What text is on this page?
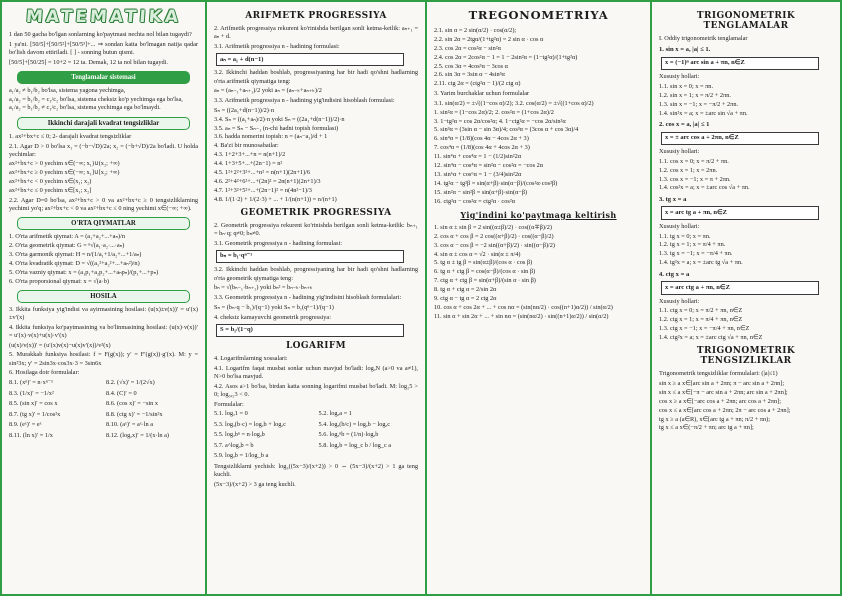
MATEMATIKA
1 dan 50 gacha bo'lgan sonlarning ko'paytmasi nechta nol bilan tugaydi?
1 ya'ni. [50/5]+[50/5²]+[50/5³]+... ⇒ sondan katta bo'lmagan natija qadar bo'lish davom ettiriladi. [ ] - sonning butun qismi.
[50/5]+[50/25] = 10+2 = 12 ta. Demak, 12 ta nol bilan tugaydi.
Tenglamalar sistemasi
a₁/a₂ ≠ b₁/b₂ bo'lsa, sistema yagona yechimga,
a₁/a₂ = b₁/b₂ = c₁/c₂ bo'lsa, sistema cheksiz ko'p yechimga ega bo'lsa,
a₁/a₂ = b₁/b₂ ≠ c₁/c₂ bo'lsa, sistema yechimga ega bo'lmaydi.
Ikkinchi darajali kvadrat tengsizliklar
1. ax²+bx+c ≤ 0; 2- darajali kvadrat tengsizliklar
2.1. Agar D > 0 bo'lsa x₁ = (−b−√D)/2a; x₂ = (−b+√D)/2a bo'ladi. U holda yechimlar:
ax²+bx+c > 0 yechim x∈(−∞; x₁)∪(x₂; +∞)
ax²+bx+c ≥ 0 yechim x∈(−∞; x₁]∪[x₂; +∞)
ax²+bx+c < 0 yechim x∈(x₁; x₂)
ax²+bx+c ≤ 0 yechim x∈[x₁; x₂]
2.2. Agar D=0 bo'lsa, ax²+bx+c > 0 va ax²+bx+c ≥ 0 tengsizliklarning yechimi yo'q; ax²+bx+c < 0 va ax²+bx+c ≤ 0 ning yechimi x∈(−∞; +∞).
O'RTA QIYMATLAR
1. O'rta arifmetik qiymat: A = (a₁+a₂+...+aₙ)/n
2. O'rta geometrik qiymat: G = ⁿ√(a₁·a₂·...·aₙ)
3. O'rta garmonik qiymat: H = n/(1/a₁+1/a₂+...+1/aₙ)
4. O'rta kvadratik qiymat: D = √((a₁²+a₂²+...+aₙ²)/n)
5. O'rta vazniy qiymat: x = (a₁p₁+a₂p₂+...+aₙpₙ)/(p₁+...+pₙ)
6. O'rta proporsional qiymat: x = √(a·b)
HOSILA
3. Ikkita funksiya yig'indisi va ayirmasining hosilasi: (u(x)±v(x))′ = u′(x)±v′(x)
4. Ikkita funksiya ko'paytmasining va bo'linmasining hosilasi: (u(x)·v(x))′ = u′(x)·v(x)+u(x)·v′(x)
(u(x)/v(x))′ = (u′(x)v(x)−u(x)v′(x))/v²(x)
5. Murakkab funksiya hosilasi: f = F(g(x)); y′ = F′(g(x))·g′(x). M: y = sin²3x; y′ = 2sin3x·cos3x·3 = 3sin6x
6. Hosilaga doir formulalar:
8.1. (xⁿ)′ = n·xⁿ⁻¹	8.2. (√x)′ = 1/(2√x)
8.3. (1/x)′ = −1/x²	8.4. (C)′ = 0
8.5. (sin x)′ = cos x	8.6. (cos x)′ = −sin x
8.7. (tg x)′ = 1/cos²x	8.8. (ctg x)′ = −1/sin²x
8.9. (eˣ)′ = eˣ	8.10. (aˣ)′ = aˣ·ln a
8.11. (ln x)′ = 1/x	8.12. (logₐx)′ = 1/(x·ln a)
ARIFMETK PROGRESSIYA
2. Arifmetik progressiya rekurent ko'rinishda berilgan sonli ketma-ketlik: aₙ₊₁ = aₙ + d.
3.1. Arifmetik progressiya n - hadining formulasi:
aₙ = a₁ + d(n−1)
3.2. Ikkinchi haddan boshlab, progressiyaning har bir hadi qo'shni hadlarning o'rta arifmetik qiymatiga teng:
aₙ = (aₙ₋₁+aₙ₊₁)/2 yoki aₙ = (aₙ₋ₖ+aₙ₊ₖ)/2
3.3. Arifmetik progressiya n - hadining yig'indisini hisoblash formulasi:
Sₙ = ((2a₁+d(n−1))/2)·n
3.4. Sₙ = ((a₁+aₙ)/2)·n yoki Sₙ = ((2a₁+d(n−1))/2)·n
3.5. aₙ = Sₙ − Sₙ₋₁ (n-chi hadni topish formulasi)
3.6. hadda nomerini topish: n = (aₙ−a₁)/d + 1
4. Ba'zi bir munosabatlar:
4.3. 1+2+3+...+n = n(n+1)/2
4.4. 1+3+5+...+(2n−1) = n²
4.5. 1²+2²+3²+...+n² = n(n+1)(2n+1)/6
4.6. 2²+4²+6²+...+(2n)² = 2n(n+1)(2n+1)/3
4.7. 1²+3²+5²+...+(2n−1)² = n(4n²−1)/3
4.8. 1/(1·2) + 1/(2·3) + ... + 1/(n(n+1)) = n/(n+1)
GEOMETRIK PROGRESSIYA
2. Geometrik progressiya rekurent ko'rinishda berilgan sonli ketma-ketlik: bₙ₊₁ = bₙ·q; q≠0; bₙ≠0.
3.1. Geometrik progressiya n - hadining formulasi:
bₙ = b₁·qⁿ⁻¹
3.2. Ikkinchi haddan boshlab, progressiyaning har bir hadi qo'shni hadlarning o'rta geometrik qiymatiga teng:
bₙ = √(bₙ₋₁·bₙ₊₁) yoki bₙ² = bₙ₋ₖ·bₙ₊ₖ
3.3. Geometrik progressiya n - hadining yig'indisini hisoblash formulalari:
Sₙ = (bₙ·q − b₁)/(q−1) yoki Sₙ = b₁(qⁿ−1)/(q−1)
4. cheksiz kamayuvchi geometrik progressiya:
S = b₁/(1−q)
LOGARIFM
4. Logarifmlarning xossalari:
4.1. Logarifm faqat musbat sonlar uchun mavjud bo'ladi: logₐN (a>0 va a≠1), N>0 bo'lsa mavjud.
4.2. Asos a>1 bo'lsa, birdan katta sonning logarifmi musbat bo'ladi. M: log₂5 > 0; log₀,₅3 < 0.
Formulalar:
5.1. logₐ1 = 0	5.2. logₐa = 1
5.3. logₐ(b·c) = logₐb + logₐc	5.4. logₐ(b/c) = logₐb − logₐc
5.5. logₐbⁿ = n·logₐb	5.6. logₐⁿb = (1/n)·logₐb
5.7. a^logₐb = b	5.8. logₐb = log_c b / log_c a
5.9. logₐb = 1/log_b a
Tengsizliklarni yechish: log₃((5x−3)/(x+2)) > 0 ⇔ (5x−3)/(x+2) > 1 ga teng kuchli.
(5x−3)/(x+2) > 3 ga teng kuchli.
TREGONOMETRIYA
2.1. sin α = 2 sin(α/2) · cos(α/2);
2.2. sin 2α = 2tgα/(1+tg²α) = 2 sin α · cos α
2.3. cos 2α = cos²α − sin²α
2.4. cos 2α = 2cos²α − 1 = 1 − 2sin²α = (1−tg²α)/(1+tg²α)
2.5. cos 3α = 4cos³α − 3cos α
2.6. sin 3α = 3sin α − 4sin³α
2.11. ctg 2α = (ctg²α − 1)/(2 ctg α)
3. Yarim burchaklar uchun formulalar
3.1. sin(α/2) = ±√((1−cos α)/2); 3.2. cos(α/2) = ±√((1+cos α)/2)
1. sin²α = (1−cos 2α)/2; 2. cos²α = (1+cos 2α)/2
3. 1−tg²α = cos 2α/cos²α; 4. 1−ctg²α = −cos 2α/sin²α
5. sin³α = (3sin α − sin 3α)/4; cos³α = (3cos α + cos 3α)/4
6. sin⁴α = (1/8)(cos 4α − 4cos 2α + 3)
7. cos⁴α = (1/8)(cos 4α + 4cos 2α + 3)
11. sin⁴α + cos⁴α = 1 − (1/2)sin²2α
12. sin⁴α − cos⁴α = sin²α − cos²α = −cos 2α
13. sin⁶α + cos⁶α = 1 − (3/4)sin²2α
14. tg²α − tg²β = sin(α+β)·sin(α−β)/(cos²α·cos²β)
15. sin²α − sin²β = sin(α+β)·sin(α−β)
16. ctg²α − cos²α = ctg²α · cos²α
Yig'indini ko'paytmaga keltirish
1. sin α ± sin β = 2 sin((α±β)/2) · cos((α∓β)/2)
2. cos α + cos β = 2 cos((α+β)/2) · cos((α−β)/2)
3. cos α − cos β = −2 sin((α+β)/2) · sin((α−β)/2)
4. sin α ± cos α = √2 · sin(α ± π/4)
5. tg α ± tg β = sin(α±β)/(cos α · cos β)
6. tg α + ctg β = cos(α−β)/(cos α · sin β)
7. ctg α + ctg β = sin(α+β)/(sin α · sin β)
8. tg α + ctg α = 2/sin 2α
9. ctg α − tg α = 2 ctg 2α
10. cos α + cos 2α + ... + cos nα = (sin(nα/2) · cos((n+1)α/2)) / sin(α/2)
11. sin α + sin 2α + ... + sin nα = (sin(nα/2) · sin((n+1)α/2)) / sin(α/2)
TRIGONOMETRIK TENGLAMALAR
I. Oddiy trigonometrik tenglamalar
1. sin x = a, |a| ≤ 1.
x = (−1)ⁿ arc sin a + πn, n∈Z
Xususiy hollari:
1.1. sin x = 0; x = πn.
1.2. sin x = 1; x = π/2 + 2πn.
1.3. sin x = −1; x = −π/2 + 2πn.
1.4. sin²x = a; x = ±arc sin √a + πn.
2. cos x = a, |a| ≤ 1
x = ± arc cos a + 2πn, n∈Z
Xususiy hollari:
1.1. cos x = 0; x = π/2 + πn.
1.2. cos x = 1; x = 2πn.
1.3. cos x = −1; x = π + 2πn.
1.4. cos²x = a; x = ±arc cos √a + πn.
3. tg x = a
x = arc tg a + πn, n∈Z
Xususiy hollari:
1.1. tg x = 0; x = πn.
1.2. tg x = 1; x = π/4 + πn.
1.3. tg x = −1; x = −π/4 + πn.
1.4. tg²x = a; x = ±arc tg √a + πn.
4. ctg x = a
x = arc ctg a + πn, n∈Z
Xususiy hollari:
1.1. ctg x = 0; x = π/2 + πn, n∈Z
1.2. ctg x = 1; x = π/4 + πn, n∈Z
1.3. ctg x = −1; x = −π/4 + πn, n∈Z
1.4. ctg²x = a; x = ±arc ctg √a + πn, n∈Z
TRIGONOMETRIK TENGSIZLIKLAR
Trigonometrik tengsizliklar formulalari: (|a|≤1)
sin x ≥ a x∈[arc sin a + 2πn; π − arc sin a + 2πn];
sin x ≤ a x∈[−π − arc sin a + 2πn; arc sin a + 2πn];
cos x ≥ a x∈[−arc cos a + 2πn; arc cos a + 2πn];
cos x ≤ a x∈[arc cos a + 2πn; 2π − arc cos a + 2πn];
tg x ≥ a (a∈R), x∈[arc tg a + πn; π/2 + πn);
tg x ≤ a x∈(−π/2 + πn; arc tg a + πn];
